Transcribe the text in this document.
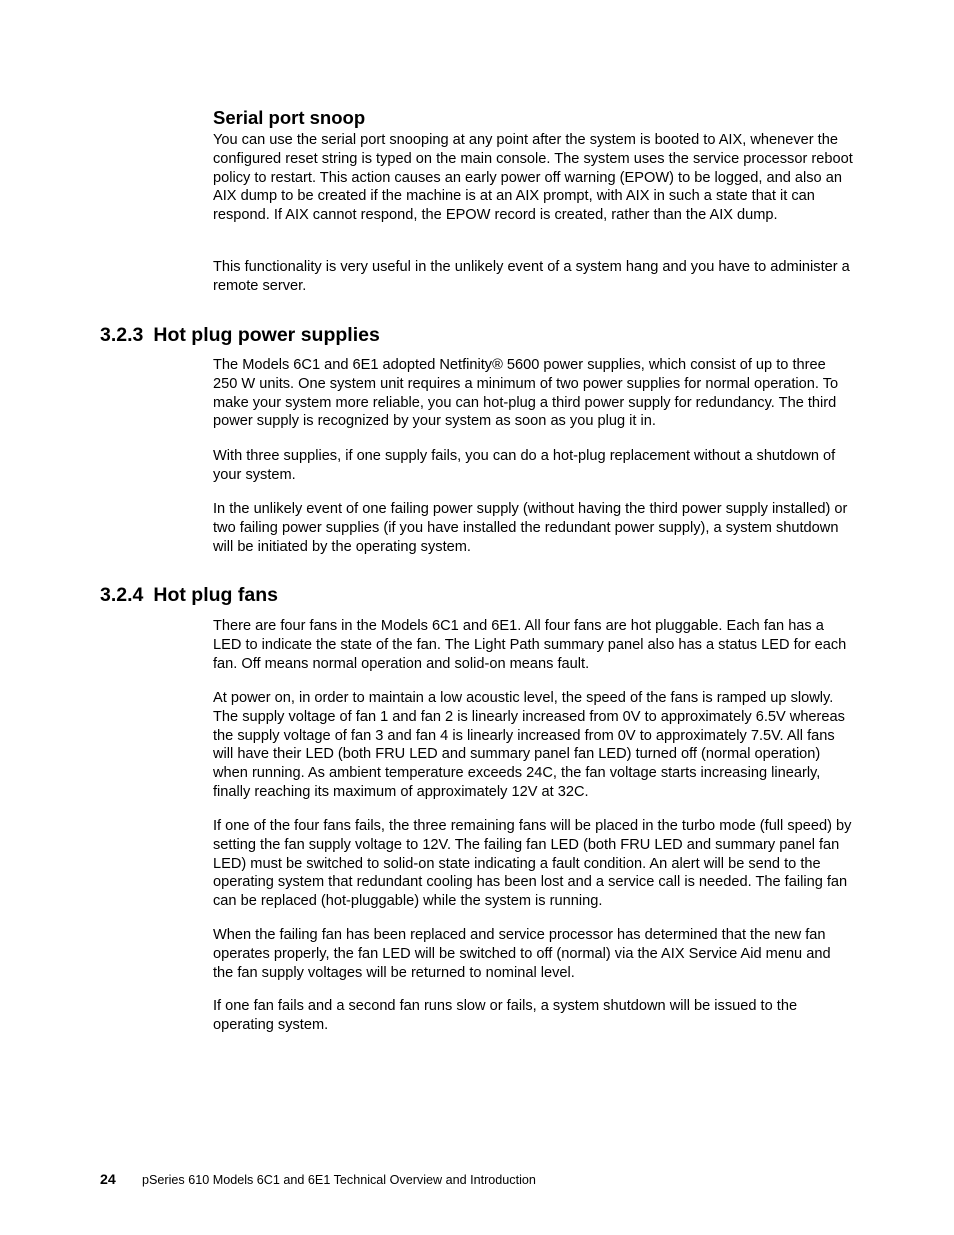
Serial port snoop

You can use the serial port snooping at any point after the system is booted to AIX, whenever the configured reset string is typed on the main console. The system uses the service processor reboot policy to restart. This action causes an early power off warning (EPOW) to be logged, and also an AIX dump to be created if the machine is at an AIX prompt, with AIX in such a state that it can respond. If AIX cannot respond, the EPOW record is created, rather than the AIX dump.

This functionality is very useful in the unlikely event of a system hang and you have to administer a remote server.

3.2.3 Hot plug power supplies

The Models 6C1 and 6E1 adopted Netfinity® 5600 power supplies, which consist of up to three 250 W units. One system unit requires a minimum of two power supplies for normal operation. To make your system more reliable, you can hot-plug a third power supply for redundancy. The third power supply is recognized by your system as soon as you plug it in.

With three supplies, if one supply fails, you can do a hot-plug replacement without a shutdown of your system.

In the unlikely event of one failing power supply (without having the third power supply installed) or two failing power supplies (if you have installed the redundant power supply), a system shutdown will be initiated by the operating system.

3.2.4 Hot plug fans

There are four fans in the Models 6C1 and 6E1. All four fans are hot pluggable. Each fan has a LED to indicate the state of the fan. The Light Path summary panel also has a status LED for each fan. Off means normal operation and solid-on means fault.

At power on, in order to maintain a low acoustic level, the speed of the fans is ramped up slowly. The supply voltage of fan 1 and fan 2 is linearly increased from 0V to approximately 6.5V whereas the supply voltage of fan 3 and fan 4 is linearly increased from 0V to approximately 7.5V. All fans will have their LED (both FRU LED and summary panel fan LED) turned off (normal operation) when running. As ambient temperature exceeds 24C, the fan voltage starts increasing linearly, finally reaching its maximum of approximately 12V at 32C.

If one of the four fans fails, the three remaining fans will be placed in the turbo mode (full speed) by setting the fan supply voltage to 12V. The failing fan LED (both FRU LED and summary panel fan LED) must be switched to solid-on state indicating a fault condition. An alert will be send to the operating system that redundant cooling has been lost and a service call is needed. The failing fan can be replaced (hot-pluggable) while the system is running.

When the failing fan has been replaced and service processor has determined that the new fan operates properly, the fan LED will be switched to off (normal) via the AIX Service Aid menu and the fan supply voltages will be returned to nominal level.

If one fan fails and a second fan runs slow or fails, a system shutdown will be issued to the operating system.

24 pSeries 610 Models 6C1 and 6E1 Technical Overview and Introduction
